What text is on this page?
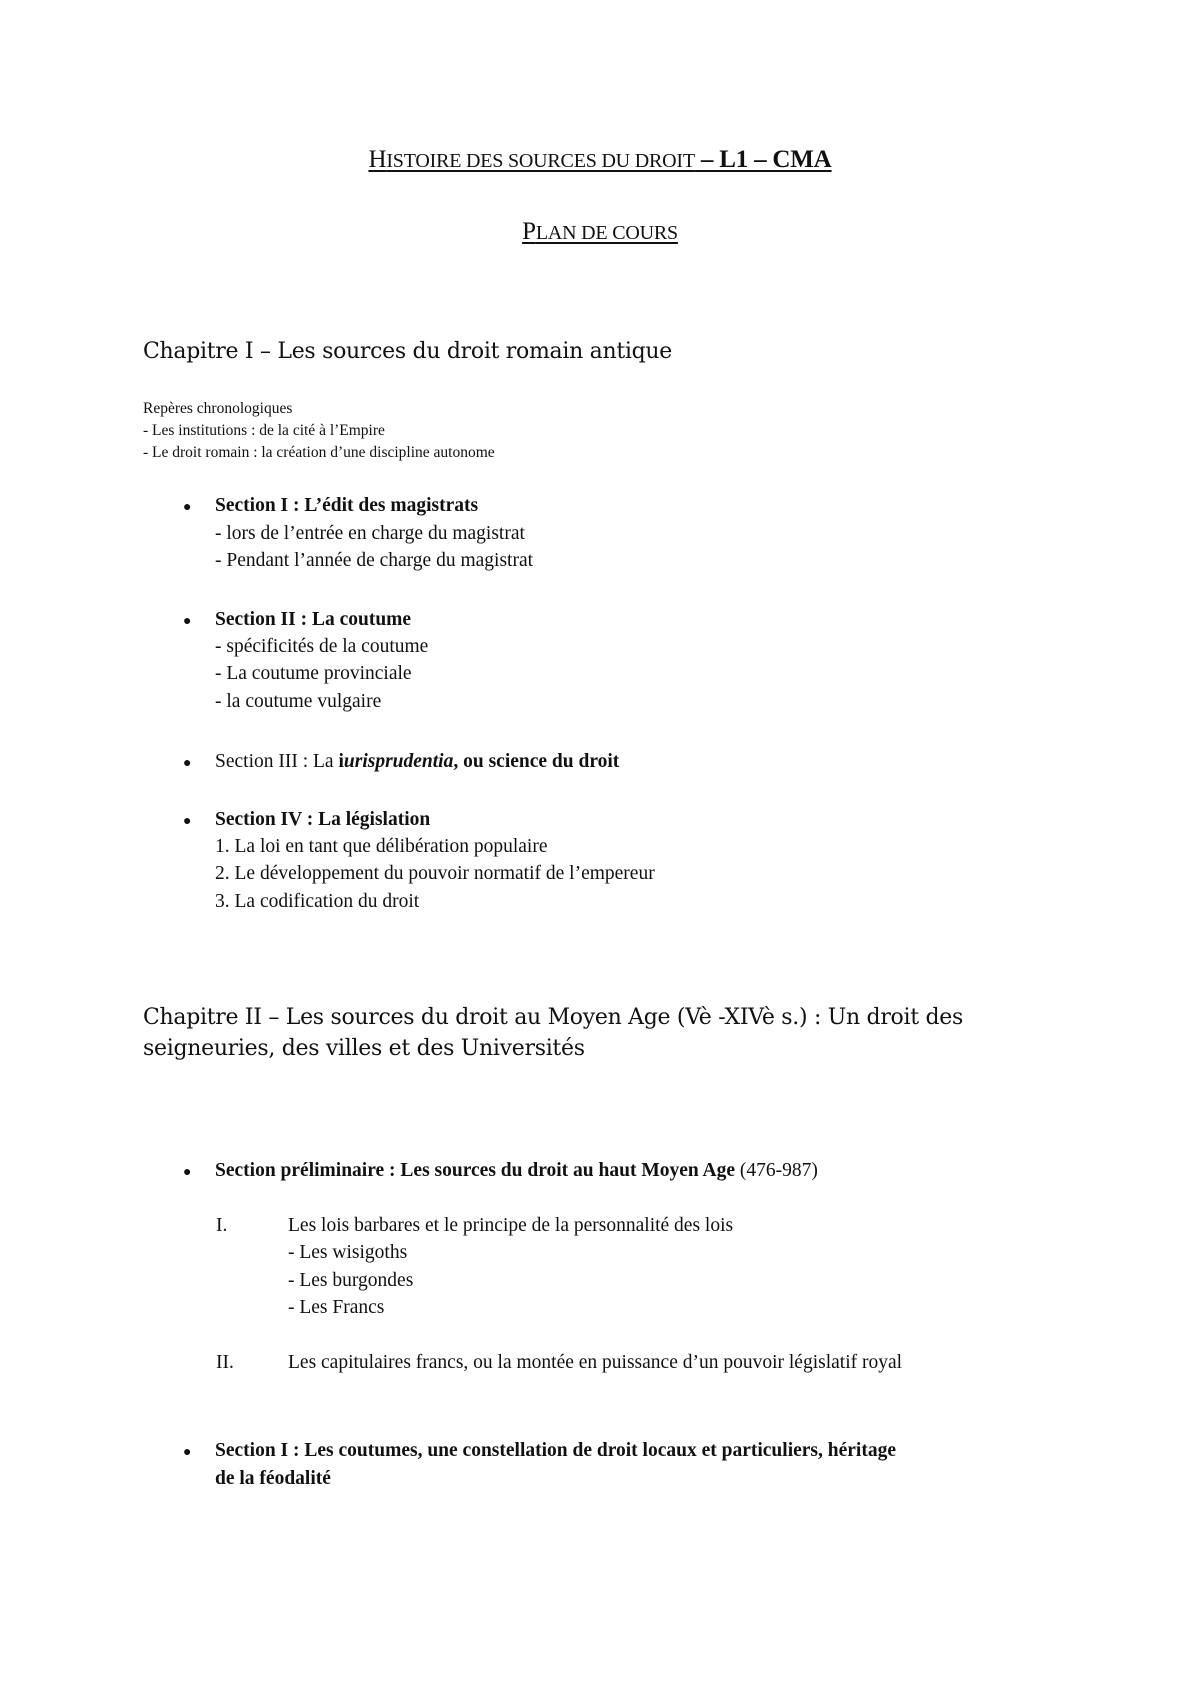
HISTOIRE DES SOURCES DU DROIT – L1 – CMA
PLAN DE COURS
Chapitre I – Les sources du droit romain antique
Repères chronologiques
- Les institutions : de la cité à l’Empire
- Le droit romain : la création d’une discipline autonome
● Section I : L’édit des magistrats
- lors de l’entrée en charge du magistrat
- Pendant l’année de charge du magistrat
● Section II : La coutume
- spécificités de la coutume
- La coutume provinciale
- la coutume vulgaire
● Section III : La iurisprudentia, ou science du droit
● Section IV : La législation
1. La loi en tant que délibération populaire
2. Le développement du pouvoir normatif de l’empereur
3. La codification du droit
Chapitre II – Les sources du droit au Moyen Age (Vè -XIVè s.) : Un droit des seigneuries, des villes et des Universités
● Section préliminaire : Les sources du droit au haut Moyen Age (476-987)
I.	Les lois barbares et le principe de la personnalité des lois
- Les wisigoths
- Les burgondes
- Les Francs
II.	Les capitulaires francs, ou la montée en puissance d’un pouvoir législatif royal
● Section I : Les coutumes, une constellation de droit locaux et particuliers, héritage
de la féodalité
